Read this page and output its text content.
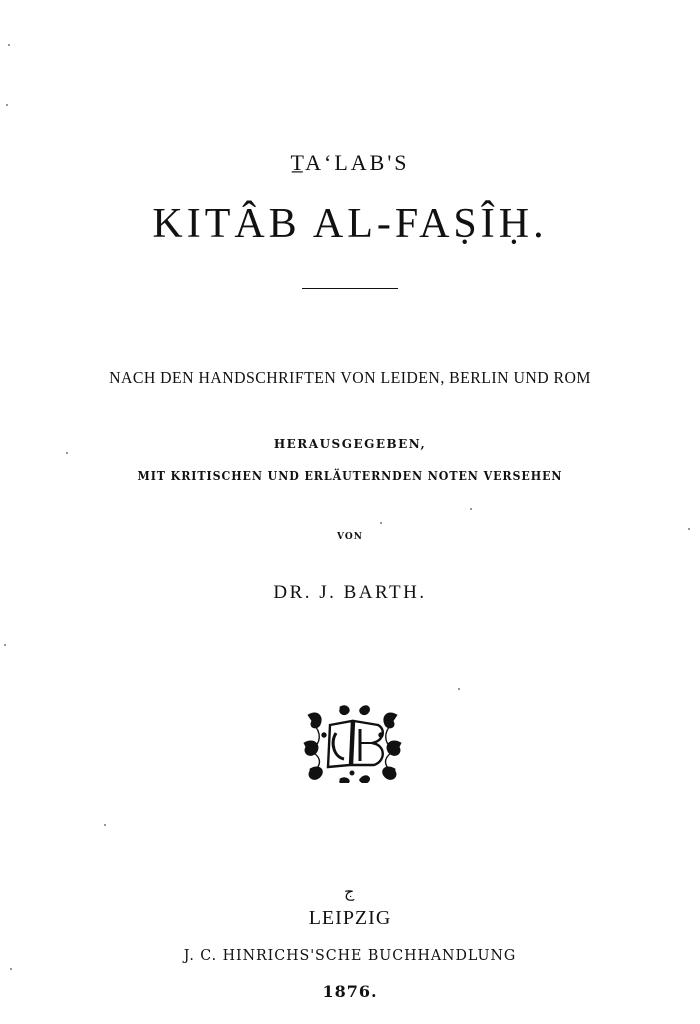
T̲A‘LAB'S
KITÂB AL-FAṢÎḤ.
NACH DEN HANDSCHRIFTEN VON LEIDEN, BERLIN UND ROM
HERAUSGEGEBEN,
MIT KRITISCHEN UND ERLÄUTERNDEN NOTEN VERSEHEN
VON
DR. J. BARTH.
ج
LEIPZIG
J. C. HINRICHS'SCHE BUCHHANDLUNG
1876.
